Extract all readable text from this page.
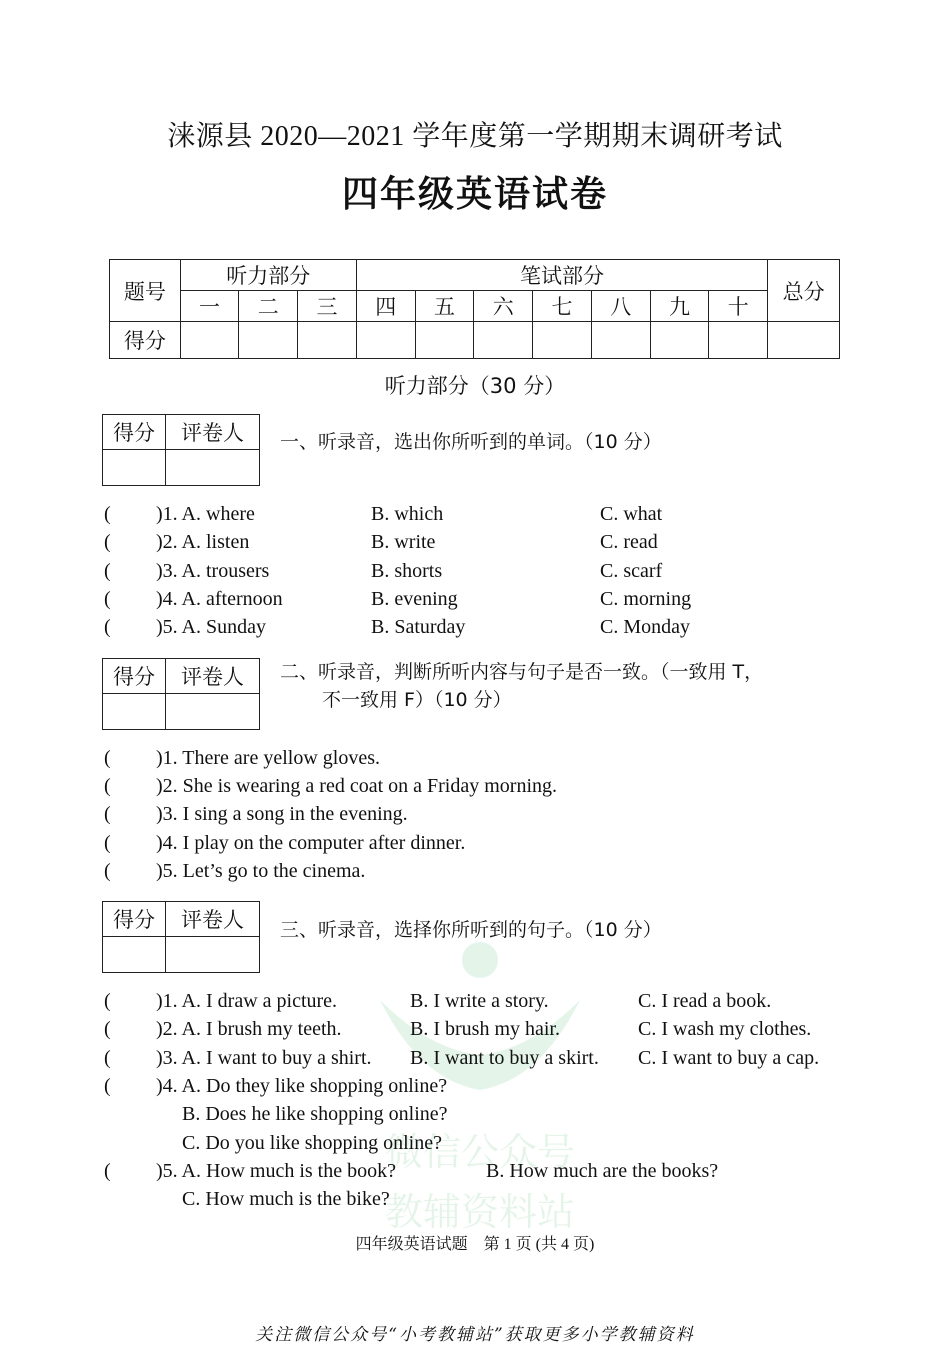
涞源县 2020—2021 学年度第一学期期末调研考试
四年级英语试卷
题号	听力部分			笔试部分							总分
	一	二	三	四	五	六	七	八	九	十	
得分											
听力部分（30 分）
得分	评卷人
	一、听录音，选出你所听到的单词。（10 分）
( )1. A. where	B. which	C. what
( )2. A. listen	B. write	C. read
( )3. A. trousers	B. shorts	C. scarf
( )4. A. afternoon	B. evening	C. morning
( )5. A. Sunday	B. Saturday	C. Monday
得分	评卷人
	二、听录音，判断所听内容与句子是否一致。（一致用 T，
不一致用 F）（10 分）
( )1. There are yellow gloves.
( )2. She is wearing a red coat on a Friday morning.
( )3. I sing a song in the evening.
( )4. I play on the computer after dinner.
( )5. Let’s go to the cinema.
得分	评卷人
	三、听录音，选择你所听到的句子。（10 分）
微信公众号
教辅资料站
( )1. A. I draw a picture.	B. I write a story.	C. I read a book.
( )2. A. I brush my teeth.	B. I brush my hair.	C. I wash my clothes.
( )3. A. I want to buy a shirt. B. I want to buy a skirt. C. I want to buy a cap.
( )4. A. Do they like shopping online?
B. Does he like shopping online?
C. Do you like shopping online?
( )5. A. How much is the book?	B. How much are the books?
C. How much is the bike?
四年级英语试题　第 1 页 (共 4 页)
关注微信公众号“小考教辅站”获取更多小学教辅资料
